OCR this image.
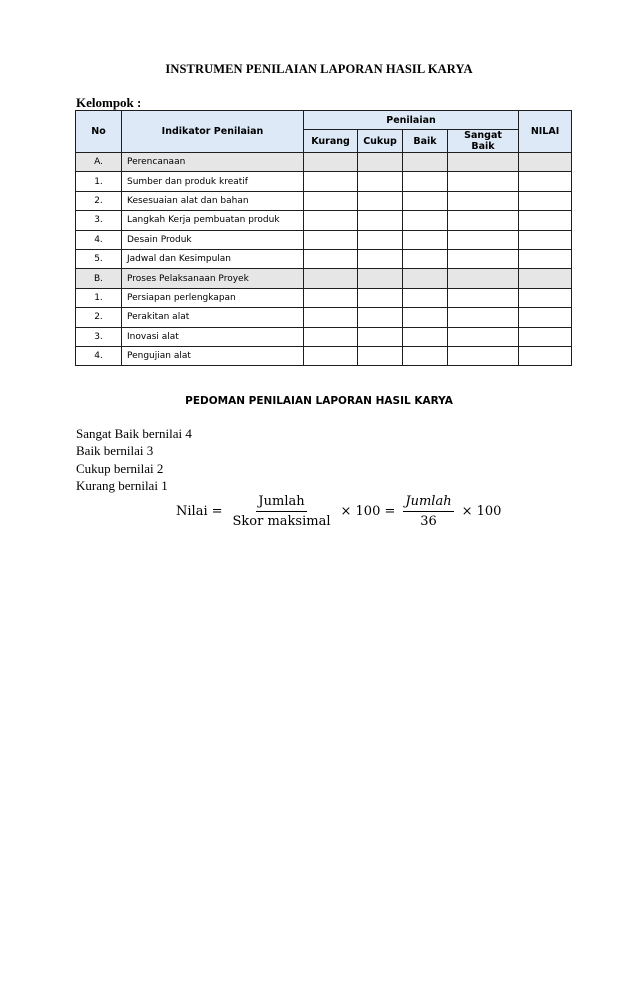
INSTRUMEN PENILAIAN LAPORAN HASIL KARYA
Kelompok :
No	Indikator Penilaian	Penilaian				NILAI
		Kurang	Cukup	Baik	Sangat Baik	
A.	Perencanaan					
1.	Sumber dan produk kreatif					
2.	Kesesuaian alat dan bahan					
3.	Langkah Kerja pembuatan produk					
4.	Desain Produk					
5.	Jadwal dan Kesimpulan					
B.	Proses Pelaksanaan Proyek					
1.	Persiapan perlengkapan					
2.	Perakitan alat					
3.	Inovasi alat					
4.	Pengujian alat					
PEDOMAN PENILAIAN LAPORAN HASIL KARYA
Sangat Baik bernilai 4
Baik bernilai 3
Cukup bernilai 2
Kurang bernilai 1
Nilai = $\frac{\text{Jumlah}}{\text{Skor maksimal}} \times 100 = \frac{\text{Jumlah}}{36} \times 100$
